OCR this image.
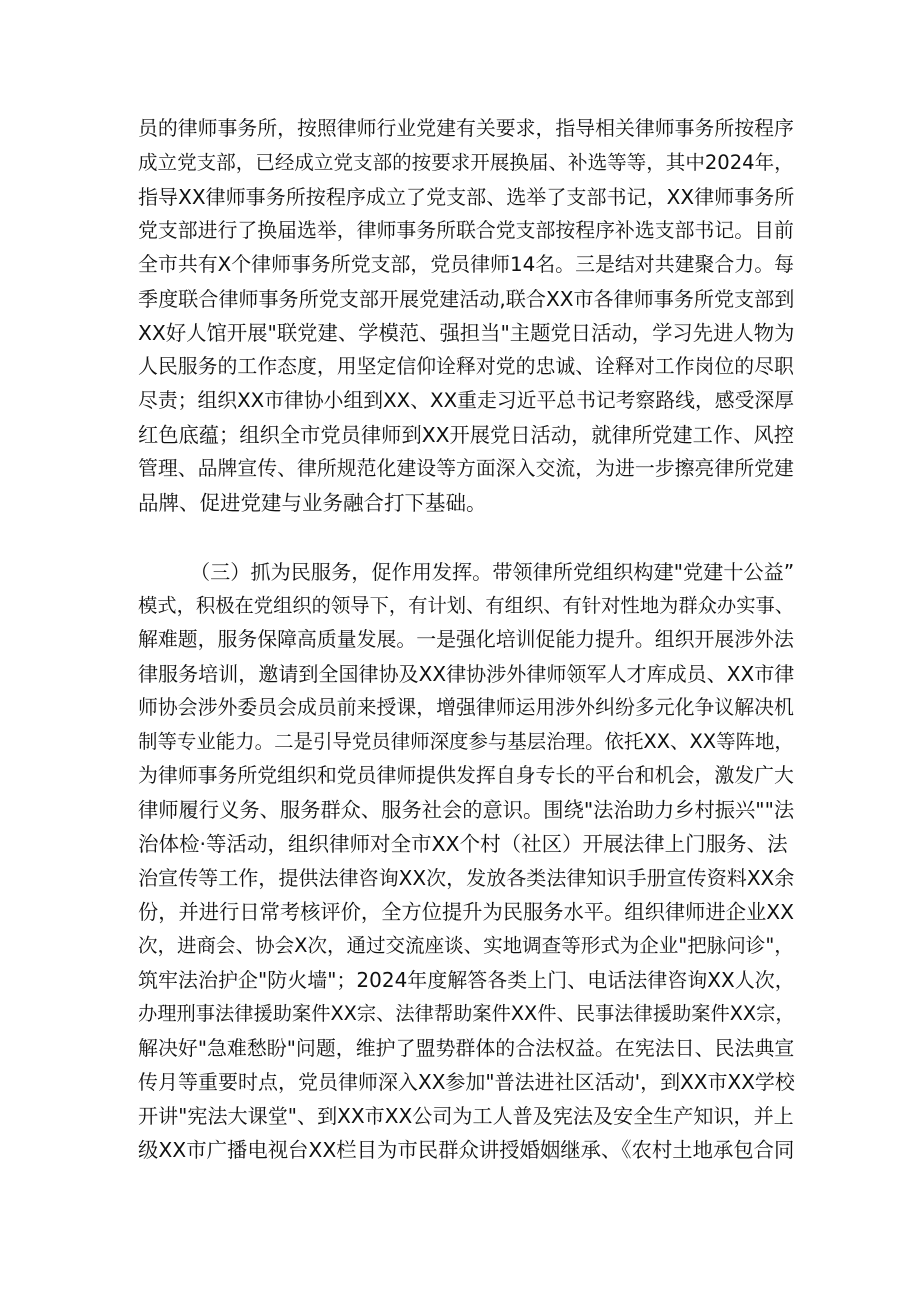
员的律师事务所，按照律师行业党建有关要求，指导相关律师事务所按程序
成立党支部，已经成立党支部的按要求开展换届、补选等等，其中2024年，
指导XX律师事务所按程序成立了党支部、选举了支部书记，XX律师事务所
党支部进行了换届选举，律师事务所联合党支部按程序补选支部书记。目前
全市共有X个律师事务所党支部，党员律师14名。三是结对共建聚合力。每
季度联合律师事务所党支部开展党建活动,联合XX市各律师事务所党支部到
XX好人馆开展"联党建、学模范、强担当"主题党日活动，学习先进人物为
人民服务的工作态度，用坚定信仰诠释对党的忠诚、诠释对工作岗位的尽职
尽责；组织XX市律协小组到XX、XX重走习近平总书记考察路线，感受深厚
红色底蕴；组织全市党员律师到XX开展党日活动，就律所党建工作、风控
管理、品牌宣传、律所规范化建设等方面深入交流，为进一步擦亮律所党建
品牌、促进党建与业务融合打下基础。
（三）抓为民服务，促作用发挥。带领律所党组织构建"党建十公益”
模式，积极在党组织的领导下，有计划、有组织、有针对性地为群众办实事、
解难题，服务保障高质量发展。一是强化培训促能力提升。组织开展涉外法
律服务培训，邀请到全国律协及XX律协涉外律师领军人才库成员、XX市律
师协会涉外委员会成员前来授课，增强律师运用涉外纠纷多元化争议解决机
制等专业能力。二是引导党员律师深度参与基层治理。依托XX、XX等阵地，
为律师事务所党组织和党员律师提供发挥自身专长的平台和机会，激发广大
律师履行义务、服务群众、服务社会的意识。围绕"法治助力乡村振兴""法
治体检·等活动，组织律师对全市XX个村（社区）开展法律上门服务、法
治宣传等工作，提供法律咨询XX次，发放各类法律知识手册宣传资料XX余
份，并进行日常考核评价，全方位提升为民服务水平。组织律师进企业XX
次，进商会、协会X次，通过交流座谈、实地调查等形式为企业"把脉问诊"，
筑牢法治护企"防火墙"；2024年度解答各类上门、电话法律咨询XX人次，
办理刑事法律援助案件XX宗、法律帮助案件XX件、民事法律援助案件XX宗，
解决好"急难愁盼"问题，维护了盟势群体的合法权益。在宪法日、民法典宣
传月等重要时点，党员律师深入XX参加"普法进社区活动'，到XX市XX学校
开讲"宪法大课堂"、到XX市XX公司为工人普及宪法及安全生产知识，并上
级XX市广播电视台XX栏目为市民群众讲授婚姻继承、《农村土地承包合同
